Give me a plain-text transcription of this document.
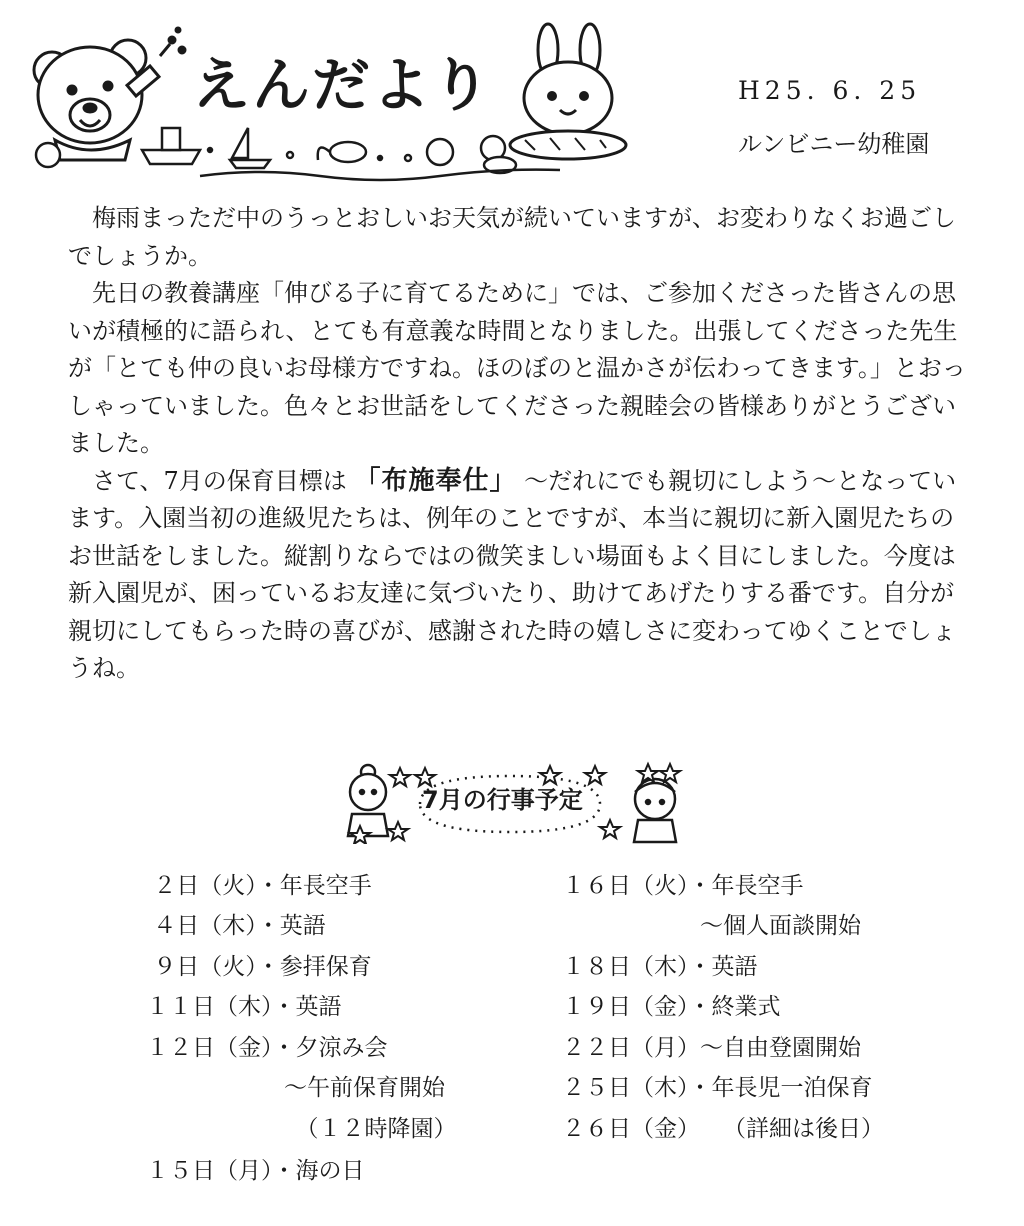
えんだより	H25. 6. 25
ルンビニー幼稚園

梅雨まっただ中のうっとおしいお天気が続いていますが、お変わりなくお過ごしでしょうか。

先日の教養講座「伸びる子に育てるために」では、ご参加くださった皆さんの思いが積極的に語られ、とても有意義な時間となりました。出張してくださった先生が「とても仲の良いお母様方ですね。ほのぼのと温かさが伝わってきます。」とおっしゃっていました。色々とお世話をしてくださった親睦会の皆様ありがとうございました。

さて、7月の保育目標は 「布施奉仕」 ～だれにでも親切にしよう～となっています。入園当初の進級児たちは、例年のことですが、本当に親切に新入園児たちのお世話をしました。縦割りならではの微笑ましい場面もよく目にしました。今度は新入園児が、困っているお友達に気づいたり、助けてあげたりする番です。自分が親切にしてもらった時の喜びが、感謝された時の嬉しさに変わってゆくことでしょうね。

7月の行事予定

２日（火）・年長空手

４日（木）・英語

９日（火）・参拝保育

１１日（木）・英語

１２日（金）・夕涼み会

　　　　　　～午前保育開始

　　　　　　　（１２時降園）

１５日（月）・海の日

１６日（火）・年長空手

　　　　　　～個人面談開始

１８日（木）・英語

１９日（金）・終業式

２２日（月）～自由登園開始

２５日（木）・年長児一泊保育

２６日（金）　　（詳細は後日）
